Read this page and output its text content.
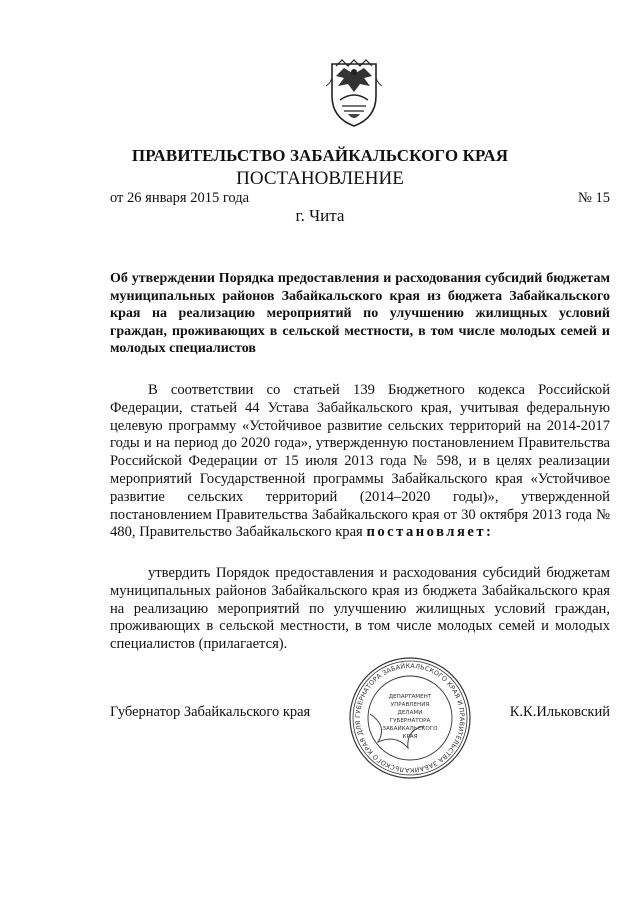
ПРАВИТЕЛЬСТВО ЗАБАЙКАЛЬСКОГО КРАЯ
ПОСТАНОВЛЕНИЕ
от 26 января 2015 года	№ 15
г. Чита
Об утверждении Порядка предоставления и расходования субсидий бюджетам муниципальных районов Забайкальского края из бюджета Забайкальского края на реализацию мероприятий по улучшению жилищных условий граждан, проживающих в сельской местности, в том числе молодых семей и молодых специалистов
В соответствии со статьей 139 Бюджетного кодекса Российской Федерации, статьей 44 Устава Забайкальского края, учитывая федеральную целевую программу «Устойчивое развитие сельских территорий на 2014-2017 годы и на период до 2020 года», утвержденную постановлением Правительства Российской Федерации от 15 июля 2013 года № 598, и в целях реализации мероприятий Государственной программы Забайкальского края «Устойчивое развитие сельских территорий (2014–2020 годы)», утвержденной постановлением Правительства Забайкальского края от 30 октября 2013 года № 480, Правительство Забайкальского края постановляет:
утвердить Порядок предоставления и расходования субсидий бюджетам муниципальных районов Забайкальского края из бюджета Забайкальского края на реализацию мероприятий по улучшению жилищных условий граждан, проживающих в сельской местности, в том числе молодых семей и молодых специалистов (прилагается).
ГУБЕРНАТОРА ЗАБАЙКАЛЬСКОГО КРАЯ И ПРАВИТЕЛЬСТВА ЗАБАЙКАЛЬСКОГО КРАЯ ДЛЯ
ДЕПАРТАМЕНТ
УПРАВЛЕНИЯ
ДЕЛАМИ
ГУБЕРНАТОРА
ЗАБАЙКАЛЬСКОГО
КРАЯ
Губернатор Забайкальского края	К.К.Ильковский
